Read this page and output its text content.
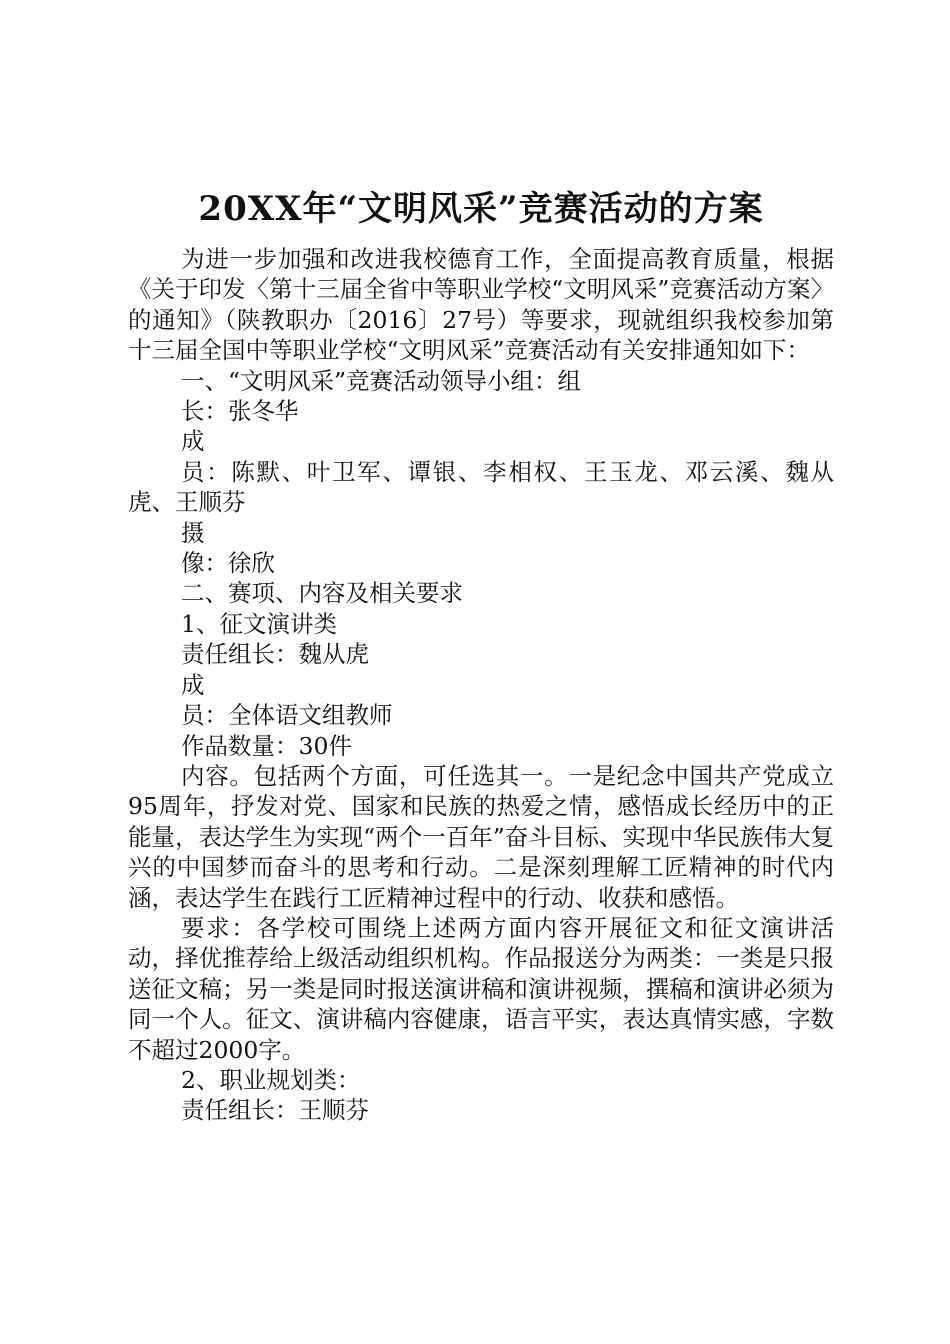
20XX年“文明风采”竞赛活动的方案

为进一步加强和改进我校德育工作，全面提高教育质量，根据《关于印发〈第十三届全省中等职业学校“文明风采”竞赛活动方案〉的通知》（陕教职办〔2016〕27号）等要求，现就组织我校参加第十三届全国中等职业学校“文明风采”竞赛活动有关安排通知如下：

一、“文明风采”竞赛活动领导小组：组

长：张冬华

成

员：陈默、叶卫军、谭银、李相权、王玉龙、邓云溪、魏从虎、王顺芬

摄

像：徐欣

二、赛项、内容及相关要求

1、征文演讲类

责任组长：魏从虎

成

员：全体语文组教师

作品数量：30件

内容。包括两个方面，可任选其一。一是纪念中国共产党成立95周年，抒发对党、国家和民族的热爱之情，感悟成长经历中的正能量，表达学生为实现“两个一百年”奋斗目标、实现中华民族伟大复兴的中国梦而奋斗的思考和行动。二是深刻理解工匠精神的时代内涵，表达学生在践行工匠精神过程中的行动、收获和感悟。

要求：各学校可围绕上述两方面内容开展征文和征文演讲活动，择优推荐给上级活动组织机构。作品报送分为两类：一类是只报送征文稿；另一类是同时报送演讲稿和演讲视频，撰稿和演讲必须为同一个人。征文、演讲稿内容健康，语言平实，表达真情实感，字数不超过2000字。

2、职业规划类：

责任组长：王顺芬
